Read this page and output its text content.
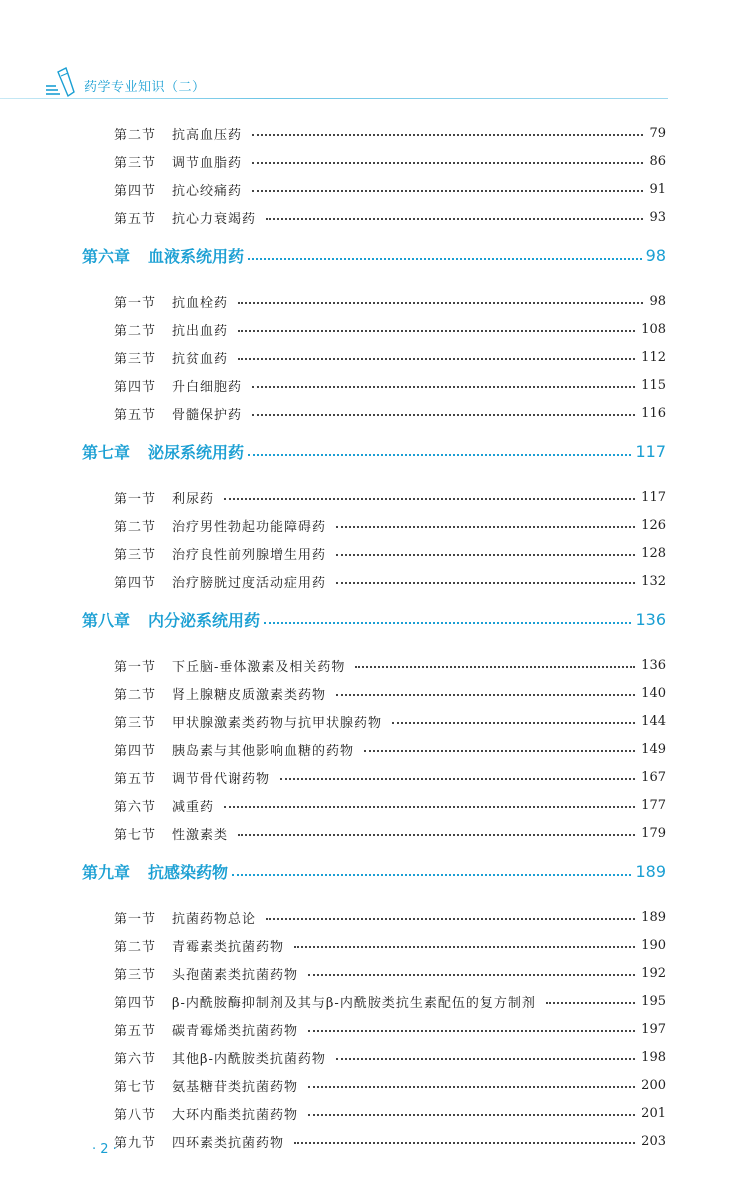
药学专业知识（二）
第二节	抗高血压药	79
第三节	调节血脂药	86
第四节	抗心绞痛药	91
第五节	抗心力衰竭药	93
第六章 血液系统用药	98
第一节	抗血栓药	98
第二节	抗出血药	108
第三节	抗贫血药	112
第四节	升白细胞药	115
第五节	骨髓保护药	116
第七章 泌尿系统用药	117
第一节	利尿药	117
第二节	治疗男性勃起功能障碍药	126
第三节	治疗良性前列腺增生用药	128
第四节	治疗膀胱过度活动症用药	132
第八章 内分泌系统用药	136
第一节	下丘脑-垂体激素及相关药物	136
第二节	肾上腺糖皮质激素类药物	140
第三节	甲状腺激素类药物与抗甲状腺药物	144
第四节	胰岛素与其他影响血糖的药物	149
第五节	调节骨代谢药物	167
第六节	减重药	177
第七节	性激素类	179
第九章 抗感染药物	189
第一节	抗菌药物总论	189
第二节	青霉素类抗菌药物	190
第三节	头孢菌素类抗菌药物	192
第四节	β-内酰胺酶抑制剂及其与β-内酰胺类抗生素配伍的复方制剂	195
第五节	碳青霉烯类抗菌药物	197
第六节	其他β-内酰胺类抗菌药物	198
第七节	氨基糖苷类抗菌药物	200
第八节	大环内酯类抗菌药物	201
第九节	四环素类抗菌药物	203
· 2 ·
